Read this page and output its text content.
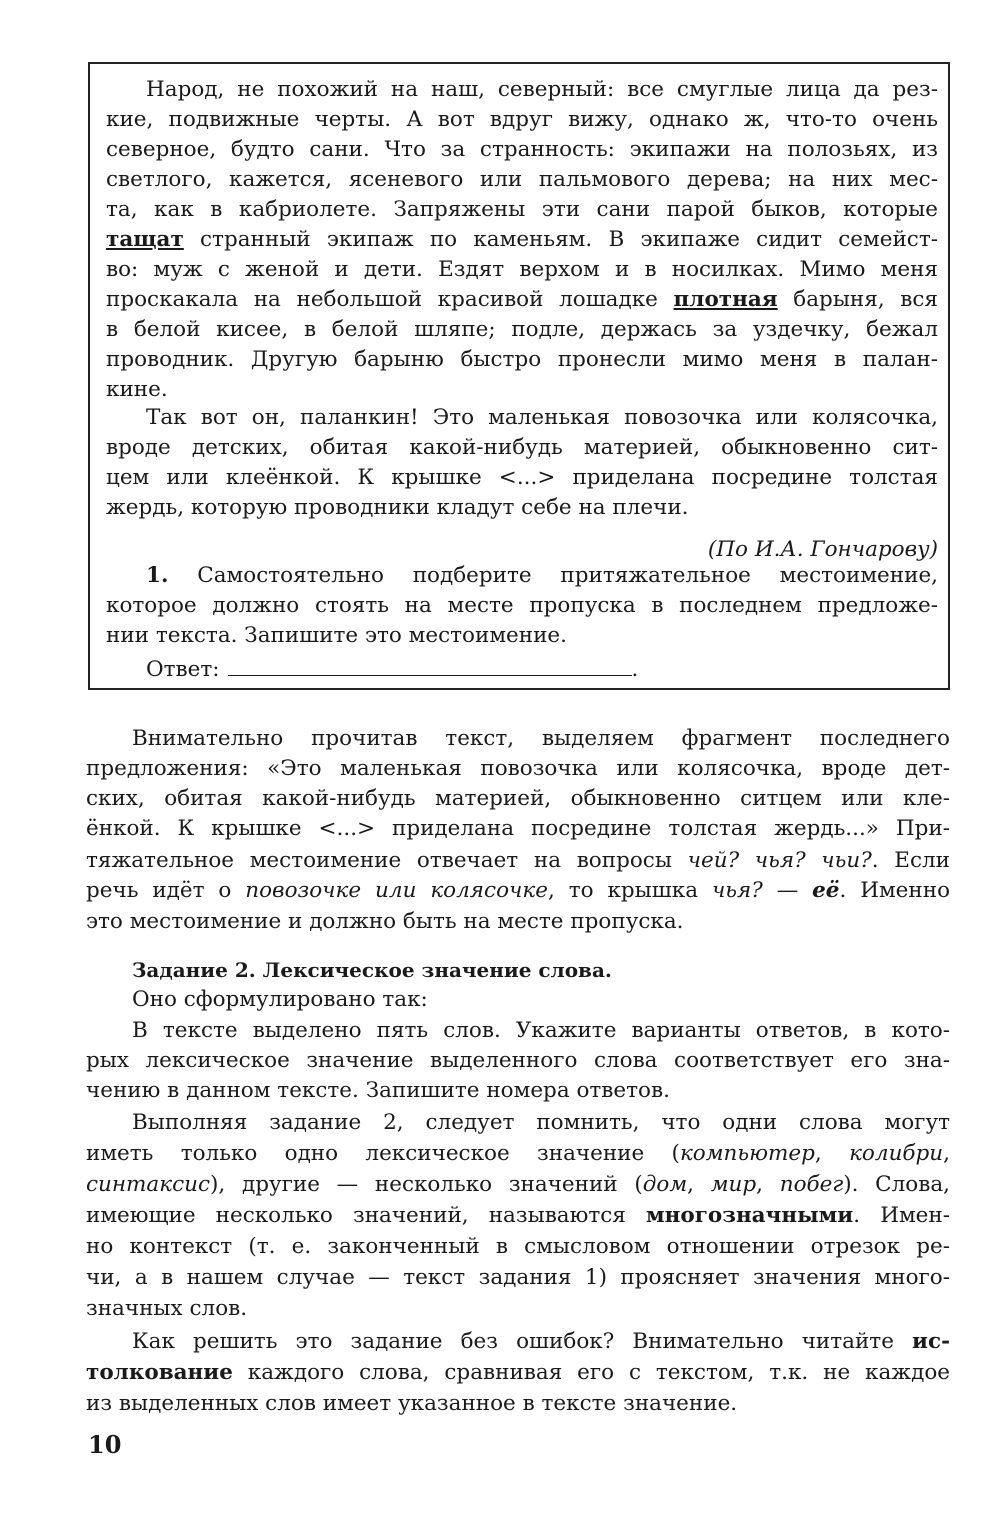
Народ, не похожий на наш, северный: все смуглые лица да рез-
кие, подвижные черты. А вот вдруг вижу, однако ж, что-то очень
северное, будто сани. Что за странность: экипажи на полозьях, из
светлого, кажется, ясеневого или пальмового дерева; на них мес-
та, как в кабриолете. Запряжены эти сани парой быков, которые
тащат странный экипаж по каменьям. В экипаже сидит семейст-
во: муж с женой и дети. Ездят верхом и в носилках. Мимо меня
проскакала на небольшой красивой лошадке плотная барыня, вся
в белой кисее, в белой шляпе; подле, держась за уздечку, бежал
проводник. Другую барыню быстро пронесли мимо меня в палан-
кине.
Так вот он, паланкин! Это маленькая повозочка или колясочка,
вроде детских, обитая какой-нибудь материей, обыкновенно сит-
цем или клеёнкой. К крышке <...> приделана посредине толстая
жердь, которую проводники кладут себе на плечи.
(По И.А. Гончарову)
1. Самостоятельно подберите притяжательное местоимение,
которое должно стоять на месте пропуска в последнем предложе-
нии текста. Запишите это местоимение.
Ответ:	.
Внимательно прочитав текст, выделяем фрагмент последнего
предложения: «Это маленькая повозочка или колясочка, вроде дет-
ских, обитая какой-нибудь материей, обыкновенно ситцем или кле-
ёнкой. К крышке <...> приделана посредине толстая жердь...» При-
тяжательное местоимение отвечает на вопросы чей? чья? чьи?. Если
речь идёт о повозочке или колясочке, то крышка чья? — её. Именно
это местоимение и должно быть на месте пропуска.
Задание 2. Лексическое значение слова.
Оно сформулировано так:
В тексте выделено пять слов. Укажите варианты ответов, в кото-
рых лексическое значение выделенного слова соответствует его зна-
чению в данном тексте. Запишите номера ответов.
Выполняя задание 2, следует помнить, что одни слова могут
иметь только одно лексическое значение (компьютер, колибри,
синтаксис), другие — несколько значений (дом, мир, побег). Слова,
имеющие несколько значений, называются многозначными. Имен-
но контекст (т. е. законченный в смысловом отношении отрезок ре-
чи, а в нашем случае — текст задания 1) проясняет значения много-
значных слов.
Как решить это задание без ошибок? Внимательно читайте ис-
толкование каждого слова, сравнивая его с текстом, т.к. не каждое
из выделенных слов имеет указанное в тексте значение.
10
